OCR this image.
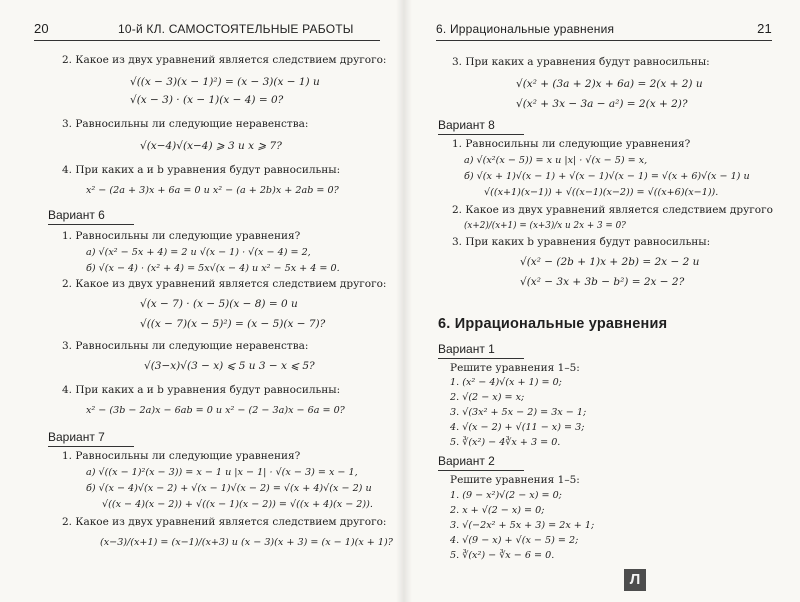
20	10-й КЛ. САМОСТОЯТЕЛЬНЫЕ РАБОТЫ
2. Какое из двух уравнений является следствием другого:
√((x − 3)(x − 1)²) = (x − 3)(x − 1) и
√(x − 3) · (x − 1)(x − 4) = 0?
3. Равносильны ли следующие неравенства:
√(x−4)√(x−4) ⩾ 3 и x ⩾ 7?
4. При каких a и b уравнения будут равносильны:
x² − (2a + 3)x + 6a = 0 и x² − (a + 2b)x + 2ab = 0?
Вариант 6
1. Равносильны ли следующие уравнения?
а) √(x² − 5x + 4) = 2 и √(x − 1) · √(x − 4) = 2,
б) √(x − 4) · (x² + 4) = 5x√(x − 4) и x² − 5x + 4 = 0.
2. Какое из двух уравнений является следствием другого:
√(x − 7) · (x − 5)(x − 8) = 0 и
√((x − 7)(x − 5)²) = (x − 5)(x − 7)?
3. Равносильны ли следующие неравенства:
√(3−x)√(3 − x) ⩽ 5 и 3 − x ⩽ 5?
4. При каких a и b уравнения будут равносильны:
x² − (3b − 2a)x − 6ab = 0 и x² − (2 − 3a)x − 6a = 0?
Вариант 7
1. Равносильны ли следующие уравнения?
а) √((x − 1)²(x − 3)) = x − 1 и |x − 1| · √(x − 3) = x − 1,
б) √(x − 4)√(x − 2) + √(x − 1)√(x − 2) = √(x + 4)√(x − 2) и
√((x − 4)(x − 2)) + √((x − 1)(x − 2)) = √((x + 4)(x − 2)).
2. Какое из двух уравнений является следствием другого:
(x−3)/(x+1) = (x−1)/(x+3) и (x − 3)(x + 3) = (x − 1)(x + 1)?
6. Иррациональные уравнения	21
3. При каких a уравнения будут равносильны:
√(x² + (3a + 2)x + 6a) = 2(x + 2) и
√(x² + 3x − 3a − a²) = 2(x + 2)?
Вариант 8
1. Равносильны ли следующие уравнения?
а) √(x²(x − 5)) = x и |x| · √(x − 5) = x,
б) √(x + 1)√(x − 1) + √(x − 1)√(x − 1) = √(x + 6)√(x − 1) и
√((x+1)(x−1)) + √((x−1)(x−2)) = √((x+6)(x−1)).
2. Какое из двух уравнений является следствием другого
(x+2)/(x+1) = (x+3)/x и 2x + 3 = 0?
3. При каких b уравнения будут равносильны:
√(x² − (2b + 1)x + 2b) = 2x − 2 и
√(x² − 3x + 3b − b²) = 2x − 2?
6. Иррациональные уравнения
Вариант 1
Решите уравнения 1–5:
1. (x² − 4)√(x + 1) = 0;
2. √(2 − x) = x;
3. √(3x² + 5x − 2) = 3x − 1;
4. √(x − 2) + √(11 − x) = 3;
5. ∛(x²) − 4∛x + 3 = 0.
Вариант 2
Решите уравнения 1–5:
1. (9 − x²)√(2 − x) = 0;
2. x + √(2 − x) = 0;
3. √(−2x² + 5x + 3) = 2x + 1;
4. √(9 − x) + √(x − 5) = 2;
5. ∛(x²) − ∛x − 6 = 0.
Л
